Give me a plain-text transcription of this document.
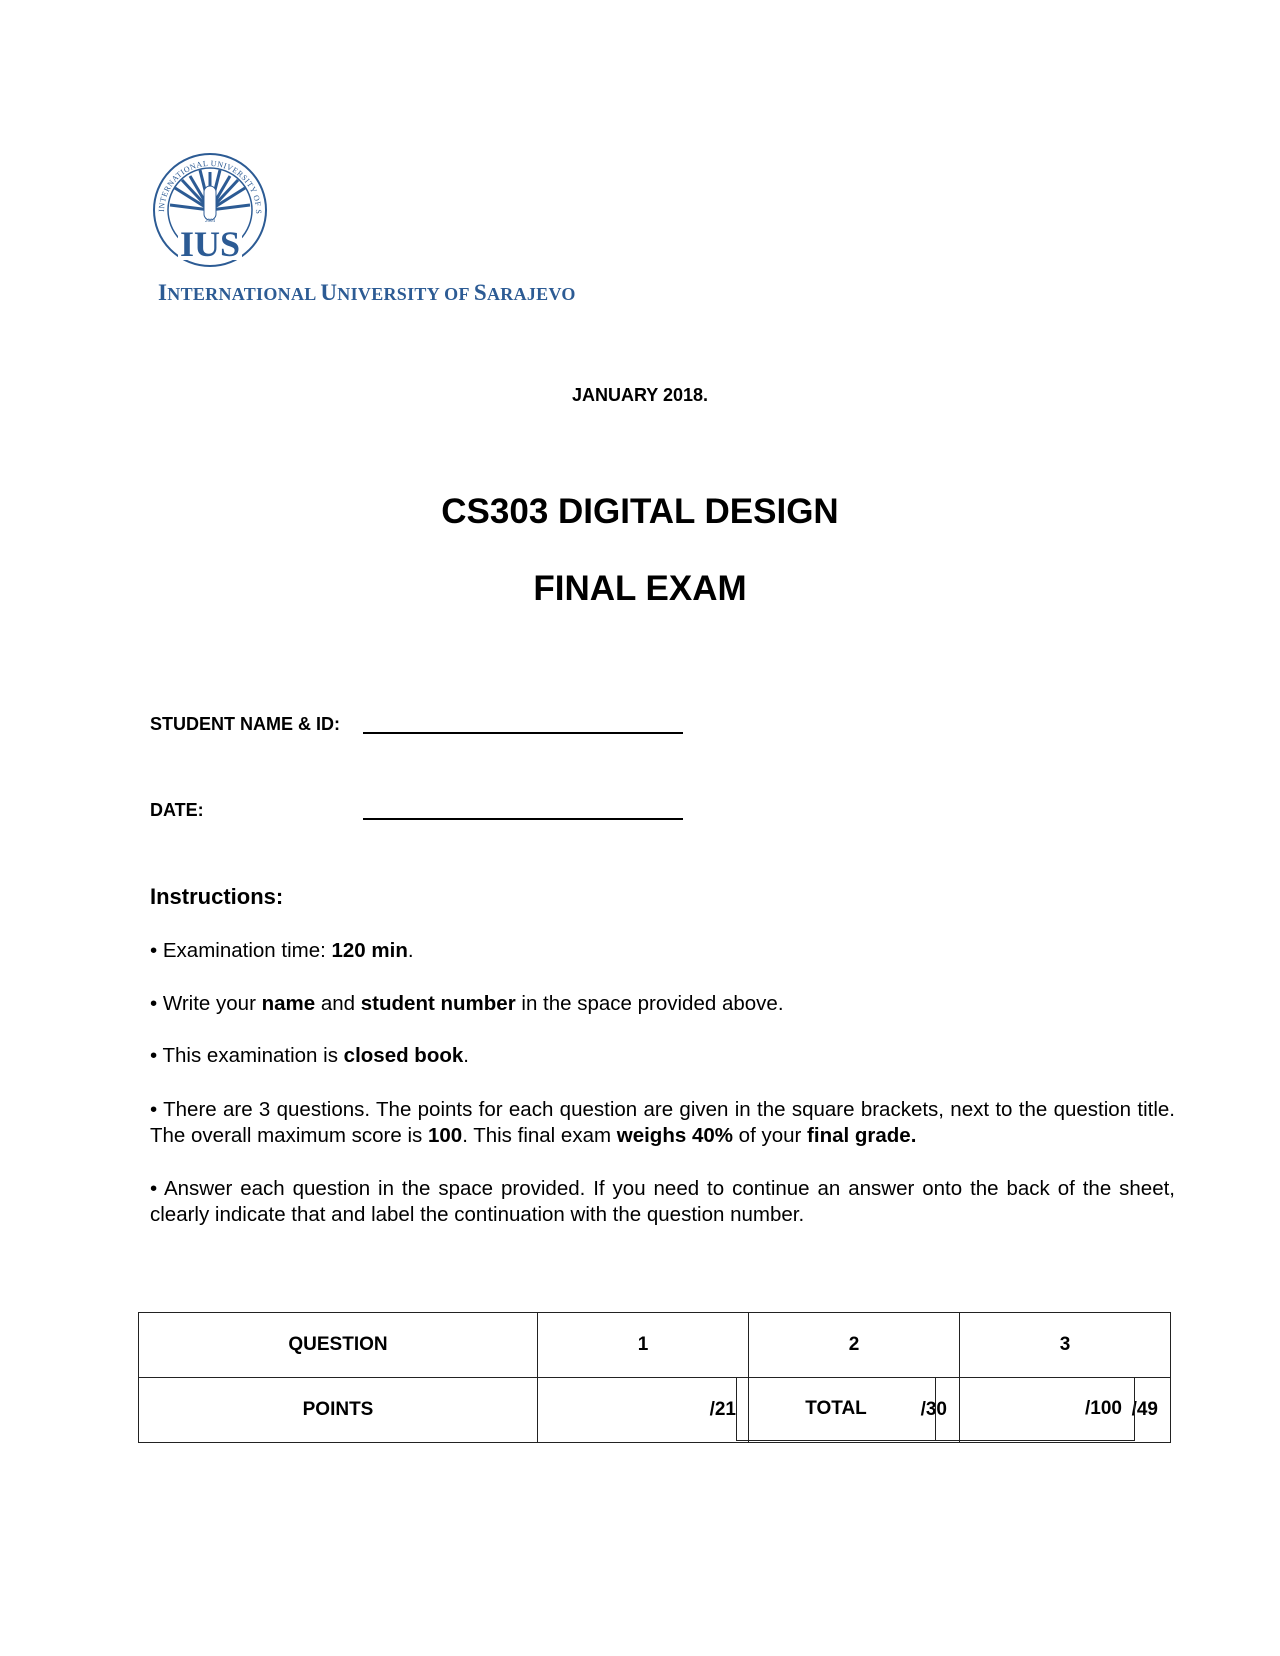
INTERNATIONAL UNIVERSITY OF S
2004
IUS
INTERNATIONAL UNIVERSITY OF SARAJEVO
JANUARY 2018.
CS303 DIGITAL DESIGN
FINAL EXAM
STUDENT NAME & ID:
DATE:
Instructions:
• Examination time: 120 min.
• Write your name and student number in the space provided above.
• This examination is closed book.
• There are 3 questions. The points for each question are given in the square brackets, next to the question title. The overall maximum score is 100. This final exam weighs 40% of your final grade.
• Answer each question in the space provided. If you need to continue an answer onto the back of the sheet, clearly indicate that and label the continuation with the question number.
QUESTION	1	2	3
POINTS	/21	/30	/49
TOTAL	/100
